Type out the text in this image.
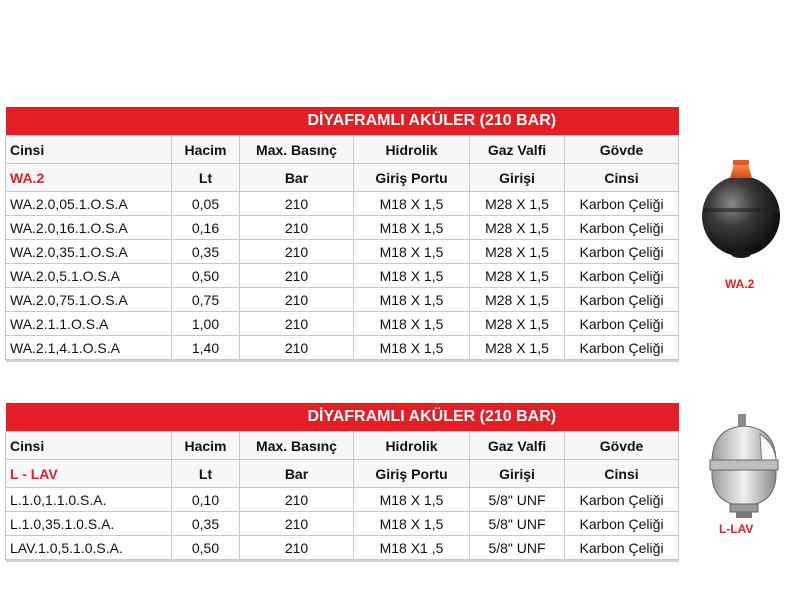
DİYAFRAMLI AKÜLER (210 BAR)					
Cinsi	Hacim	Max. Basınç	Hidrolik	Gaz Valfi	Gövde
WA.2	Lt	Bar	Giriş Portu	Girişi	Cinsi
WA.2.0,05.1.O.S.A	0,05	210	M18 X 1,5	M28 X 1,5	Karbon Çeliği
WA.2.0,16.1.O.S.A	0,16	210	M18 X 1,5	M28 X 1,5	Karbon Çeliği
WA.2.0,35.1.O.S.A	0,35	210	M18 X 1,5	M28 X 1,5	Karbon Çeliği
WA.2.0,5.1.O.S.A	0,50	210	M18 X 1,5	M28 X 1,5	Karbon Çeliği
WA.2.0,75.1.O.S.A	0,75	210	M18 X 1,5	M28 X 1,5	Karbon Çeliği
WA.2.1.1.O.S.A	1,00	210	M18 X 1,5	M28 X 1,5	Karbon Çeliği
WA.2.1,4.1.O.S.A	1,40	210	M18 X 1,5	M28 X 1,5	Karbon Çeliği

DİYAFRAMLI AKÜLER (210 BAR)					
Cinsi	Hacim	Max. Basınç	Hidrolik	Gaz Valfi	Gövde
L - LAV	Lt	Bar	Giriş Portu	Girişi	Cinsi
L.1.0,1.1.0.S.A.	0,10	210	M18 X 1,5	5/8" UNF	Karbon Çeliği
L.1.0,35.1.0.S.A.	0,35	210	M18 X 1,5	5/8" UNF	Karbon Çeliği
LAV.1.0,5.1.0.S.A.	0,50	210	M18 X1 ,5	5/8" UNF	Karbon Çeliği

WA.2
L-LAV
